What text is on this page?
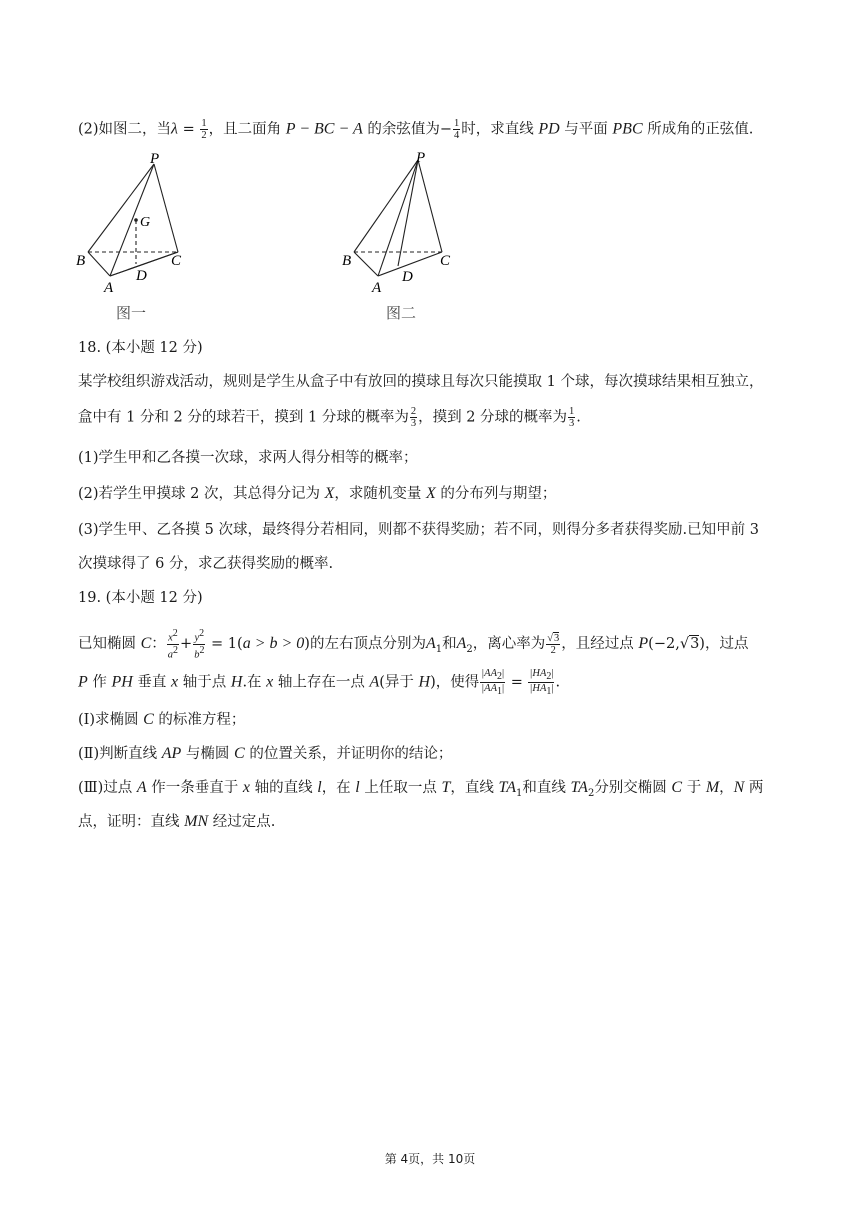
(2)如图二，当$\lambda = \frac{1}{2}$ ，且二面角 P − BC − A 的余弦值为− $\frac{1}{4}$ 时，求直线 PD 与平面 PBC 所成角的正弦值.
P
G
B
D
C
A
图一
P
B
D
C
A
图二
18. (本小题 12 分)
某学校组织游戏活动，规则是学生从盒子中有放回的摸球且每次只能摸取 1 个球，每次摸球结果相互独立，
盒中有 1 分和 2 分的球若干，摸到 1 分球的概率为 $\frac{2}{3}$ ，摸到 2 分球的概率为 $\frac{1}{3}$ .
(1)学生甲和乙各摸一次球，求两人得分相等的概率；
(2)若学生甲摸球 2 次，其总得分记为 X，求随机变量 X 的分布列与期望；
(3)学生甲、乙各摸 5 次球，最终得分若相同，则都不获得奖励；若不同，则得分多者获得奖励.已知甲前 3
次摸球得了 6 分，求乙获得奖励的概率.
19. (本小题 12 分)
已知椭圆 C： $\frac{x^2}{a^2} + \frac{y^2}{b^2} = 1(a > b > 0)$的左右顶点分别为$A_1$和$A_2$，离心率为 $\frac{√3}{2}$ ，且经过点 P(−2,√3)，过点
P 作 PH 垂直 x 轴于点 H.在 x 轴上存在一点 A(异于 H)，使得 $\frac{|AA_2|}{|AA_1|} = \frac{|HA_2|}{|HA_1|}$ .
(Ⅰ)求椭圆 C 的标准方程；
(Ⅱ)判断直线 AP 与椭圆 C 的位置关系，并证明你的结论；
(Ⅲ)过点 A 作一条垂直于 x 轴的直线 l，在 l 上任取一点 T，直线 $TA_1$和直线 $TA_2$分别交椭圆 C 于 M，N 两
点，证明：直线 MN 经过定点.
第 4页，共 10页
